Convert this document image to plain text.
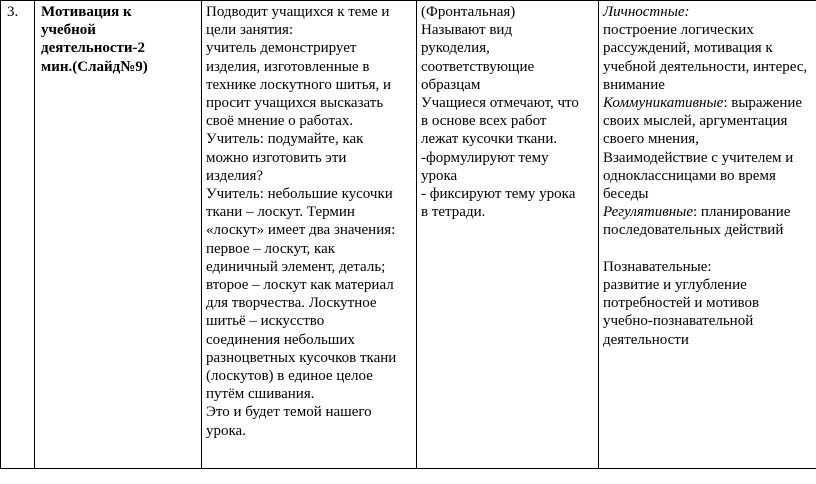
3.	Мотивация к
учебной
деятельности-2
мин.(Слайд№9)
Подводит учащихся к теме и
цели занятия:
учитель демонстрирует
изделия, изготовленные в
технике лоскутного шитья, и
просит учащихся высказать
своё мнение о работах.
Учитель: подумайте, как
можно изготовить эти
изделия?
Учитель: небольшие кусочки
ткани – лоскут. Термин
«лоскут» имеет два значения:
первое – лоскут, как
единичный элемент, деталь;
второе – лоскут как материал
для творчества. Лоскутное
шитьё – искусство
соединения небольших
разноцветных кусочков ткани
(лоскутов) в единое целое
путём сшивания.
Это и будет темой нашего
урока.
(Фронтальная)
Называют вид
рукоделия,
соответствующие
образцам
Учащиеся отмечают, что
в основе всех работ
лежат кусочки ткани.
-формулируют тему
урока
- фиксируют тему урока
в тетради.
Личностные:
построение логических
рассуждений, мотивация к
учебной деятельности, интерес,
внимание
Коммуникативные: выражение
своих мыслей, аргументация
своего мнения,
Взаимодействие с учителем и
одноклассницами во время
беседы
Регулятивные: планирование
последовательных действий
Познавательные:
развитие и углубление
потребностей и мотивов
учебно-познавательной
деятельности
